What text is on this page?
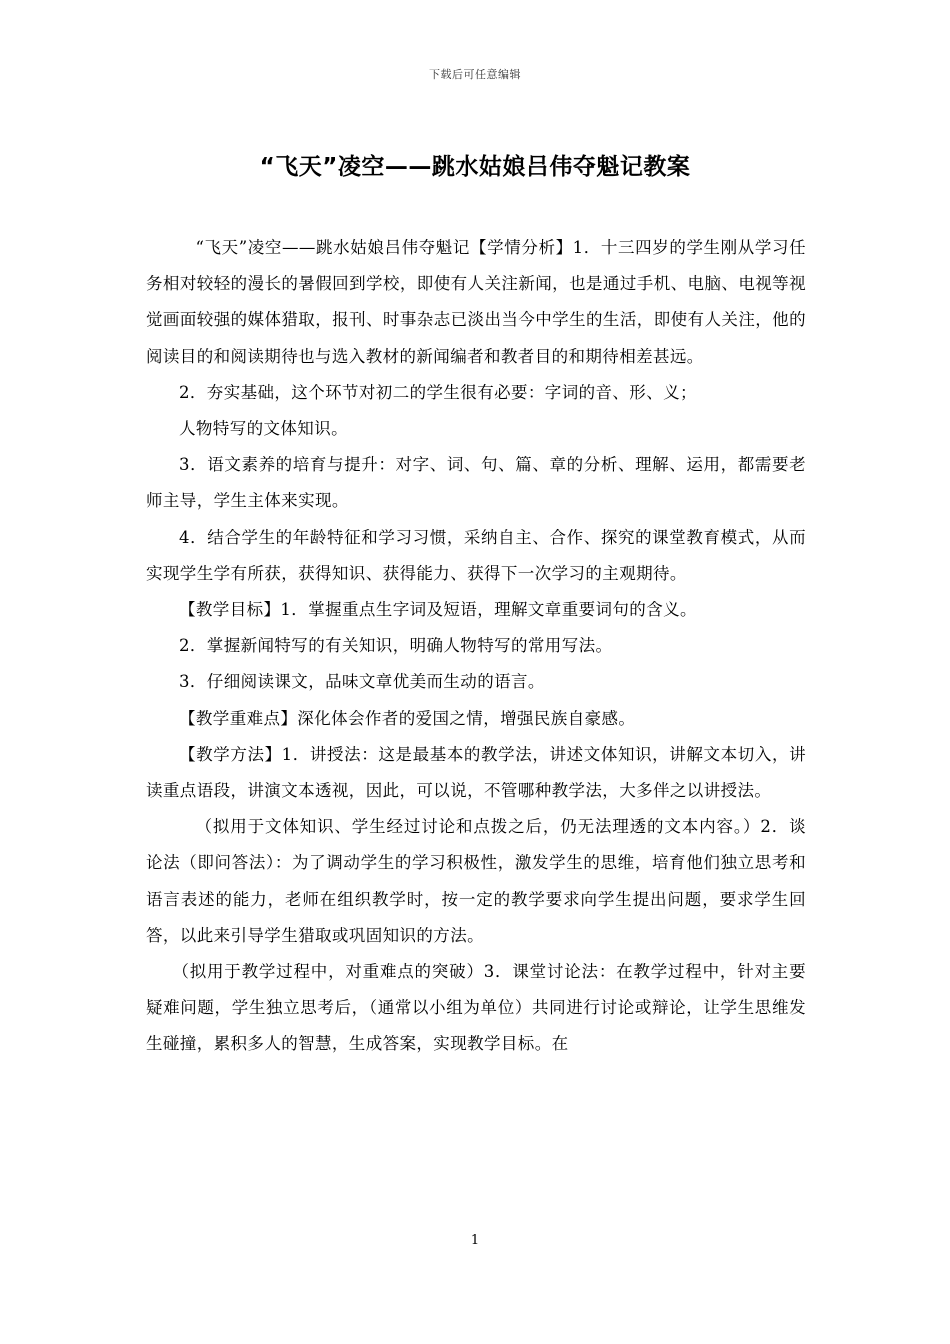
下载后可任意编辑
“飞天”凌空——跳水姑娘吕伟夺魁记教案

“飞天”凌空——跳水姑娘吕伟夺魁记【学情分析】1．十三四岁的学生刚从学习任务相对较轻的漫长的暑假回到学校，即使有人关注新闻，也是通过手机、电脑、电视等视觉画面较强的媒体猎取，报刊、时事杂志已淡出当今中学生的生活，即使有人关注，他的阅读目的和阅读期待也与选入教材的新闻编者和教者目的和期待相差甚远。

2．夯实基础，这个环节对初二的学生很有必要：字词的音、形、义；

人物特写的文体知识。

3．语文素养的培育与提升：对字、词、句、篇、章的分析、理解、运用，都需要老师主导，学生主体来实现。

4．结合学生的年龄特征和学习习惯，采纳自主、合作、探究的课堂教育模式，从而实现学生学有所获，获得知识、获得能力、获得下一次学习的主观期待。

【教学目标】1．掌握重点生字词及短语，理解文章重要词句的含义。

2．掌握新闻特写的有关知识，明确人物特写的常用写法。

3．仔细阅读课文，品味文章优美而生动的语言。

【教学重难点】深化体会作者的爱国之情，增强民族自豪感。

【教学方法】1．讲授法：这是最基本的教学法，讲述文体知识，讲解文本切入，讲读重点语段，讲演文本透视，因此，可以说，不管哪种教学法，大多伴之以讲授法。

（拟用于文体知识、学生经过讨论和点拨之后，仍无法理透的文本内容。）2．谈论法（即问答法）：为了调动学生的学习积极性，激发学生的思维，培育他们独立思考和语言表述的能力，老师在组织教学时，按一定的教学要求向学生提出问题，要求学生回答，以此来引导学生猎取或巩固知识的方法。

（拟用于教学过程中，对重难点的突破）3．课堂讨论法：在教学过程中，针对主要疑难问题，学生独立思考后，（通常以小组为单位）共同进行讨论或辩论，让学生思维发生碰撞，累积多人的智慧，生成答案，实现教学目标。在

1
